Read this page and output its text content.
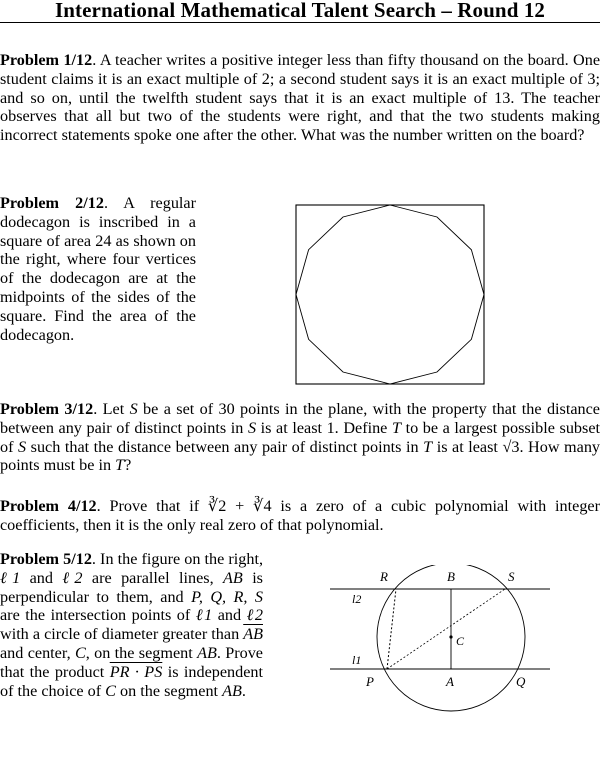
International Mathematical Talent Search – Round 12

Problem 1/12. A teacher writes a positive integer less than fifty thousand on the board. One student claims it is an exact multiple of 2; a second student says it is an exact multiple of 3; and so on, until the twelfth student says that it is an exact multiple of 13. The teacher observes that all but two of the students were right, and that the two students making incorrect statements spoke one after the other. What was the number written on the board?

Problem 2/12. A regular dodecagon is inscribed in a square of area 24 as shown on the right, where four vertices of the dodecagon are at the midpoints of the sides of the square. Find the area of the dodecagon.

Problem 3/12. Let S be a set of 30 points in the plane, with the property that the distance between any pair of distinct points in S is at least 1. Define T to be a largest possible subset of S such that the distance between any pair of distinct points in T is at least √3. How many points must be in T?

Problem 4/12. Prove that if ∛2 + ∛4 is a zero of a cubic polynomial with integer coefficients, then it is the only real zero of that polynomial.

Problem 5/12. In the figure on the right, ℓ1 and ℓ2 are parallel lines, AB is perpendicular to them, and P, Q, R, S are the intersection points of ℓ1 and ℓ2 with a circle of diameter greater than $\overline{AB}$ and center, C, on the segment AB. Prove that the product PR · PS is independent of the choice of C on the segment AB.

R	B	S
l2
C
l1
P	A	Q
